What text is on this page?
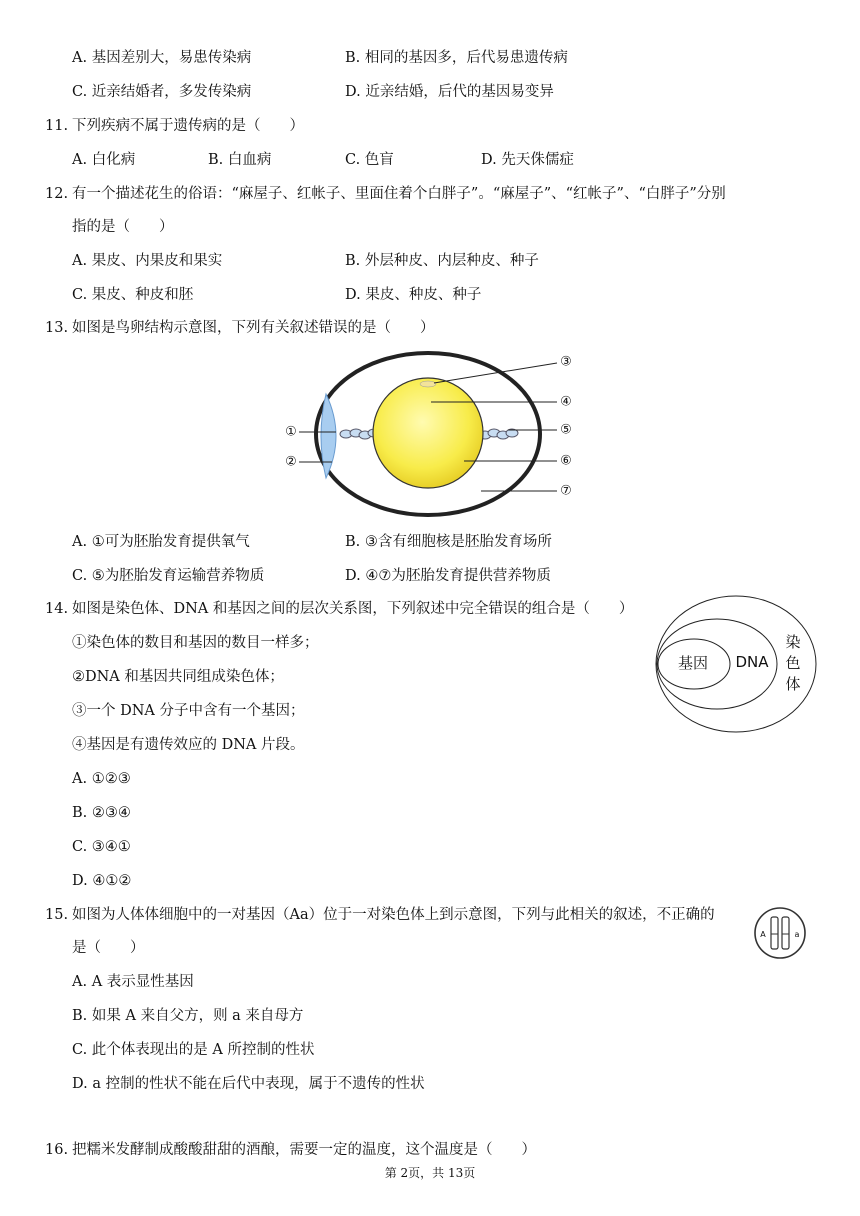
A. 基因差别大，易患传染病	B. 相同的基因多，后代易患遗传病
C. 近亲结婚者，多发传染病	D. 近亲结婚，后代的基因易变异
11. 下列疾病不属于遗传病的是（　　）
A. 白化病	B. 白血病	C. 色盲	D. 先天侏儒症
12. 有一个描述花生的俗语：“麻屋子、红帐子、里面住着个白胖子”。“麻屋子”、“红帐子”、“白胖子”分别
指的是（　　）
A. 果皮、内果皮和果实	B. 外层种皮、内层种皮、种子
C. 果皮、种皮和胚	D. 果皮、种皮、种子
13. 如图是鸟卵结构示意图，下列有关叙述错误的是（　　）
①
②
③
④
⑤
⑥
⑦
A. ①可为胚胎发育提供氧气	B. ③含有细胞核是胚胎发育场所
C. ⑤为胚胎发育运输营养物质	D. ④⑦为胚胎发育提供营养物质
14. 如图是染色体、DNA 和基因之间的层次关系图，下列叙述中完全错误的组合是（　　）
①染色体的数目和基因的数目一样多；
②DNA 和基因共同组成染色体；
③一个 DNA 分子中含有一个基因；
④基因是有遗传效应的 DNA 片段。
A. ①②③
B. ②③④
C. ③④①
D. ④①②
基因 DNA
染
色
体
15. 如图为人体体细胞中的一对基因（Aa）位于一对染色体上到示意图，下列与此相关的叙述，不正确的
是（　　）
A	a
A. A 表示显性基因
B. 如果 A 来自父方，则 a 来自母方
C. 此个体表现出的是 A 所控制的性状
D. a 控制的性状不能在后代中表现，属于不遗传的性状
16. 把糯米发酵制成酸酸甜甜的酒酿，需要一定的温度，这个温度是（　　）
第 2页，共 13页
